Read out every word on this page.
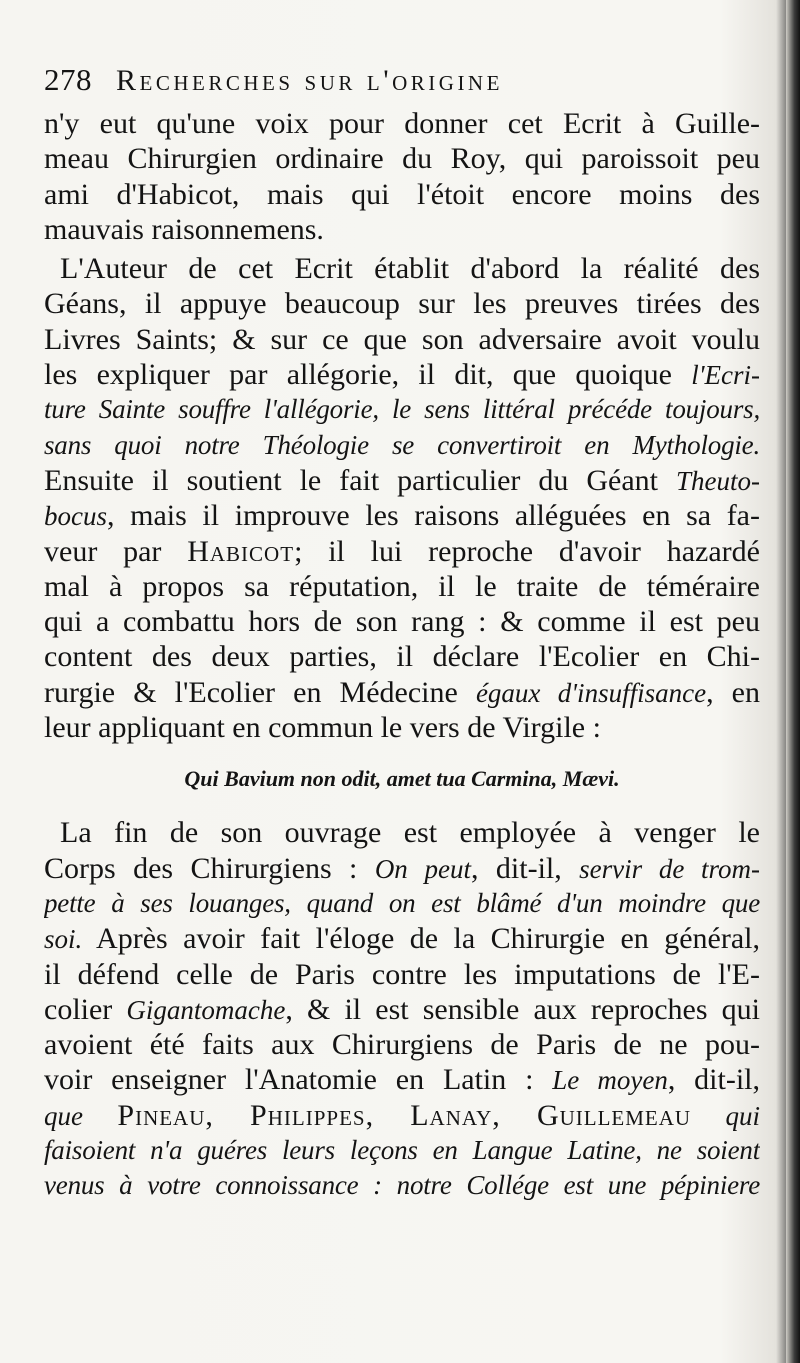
278 Recherches sur l'origine
n'y eut qu'une voix pour donner cet Ecrit à Guille-
meau Chirurgien ordinaire du Roy, qui paroissoit peu
ami d'Habicot, mais qui l'étoit encore moins des
mauvais raisonnemens.
L'Auteur de cet Ecrit établit d'abord la réalité des
Géans, il appuye beaucoup sur les preuves tirées des
Livres Saints; & sur ce que son adversaire avoit voulu
les expliquer par allégorie, il dit, que quoique l'Ecri-
ture Sainte souffre l'allégorie, le sens littéral précéde toujours,
sans quoi notre Théologie se convertiroit en Mythologie.
Ensuite il soutient le fait particulier du Géant Theuto-
bocus, mais il improuve les raisons alléguées en sa fa-
veur par Habicot; il lui reproche d'avoir hazardé
mal à propos sa réputation, il le traite de téméraire
qui a combattu hors de son rang : & comme il est peu
content des deux parties, il déclare l'Ecolier en Chi-
rurgie & l'Ecolier en Médecine égaux d'insuffisance, en
leur appliquant en commun le vers de Virgile :
Qui Bavium non odit, amet tua Carmina, Mævi.
La fin de son ouvrage est employée à venger le
Corps des Chirurgiens : On peut, dit-il, servir de trom-
pette à ses louanges, quand on est blâmé d'un moindre que
soi. Après avoir fait l'éloge de la Chirurgie en général,
il défend celle de Paris contre les imputations de l'E-
colier Gigantomache, & il est sensible aux reproches qui
avoient été faits aux Chirurgiens de Paris de ne pou-
voir enseigner l'Anatomie en Latin : Le moyen, dit-il,
que Pineau, Philippes, Lanay, Guillemeau qui
faisoient n'a guéres leurs leçons en Langue Latine, ne soient
venus à votre connoissance : notre Collége est une pépiniere
